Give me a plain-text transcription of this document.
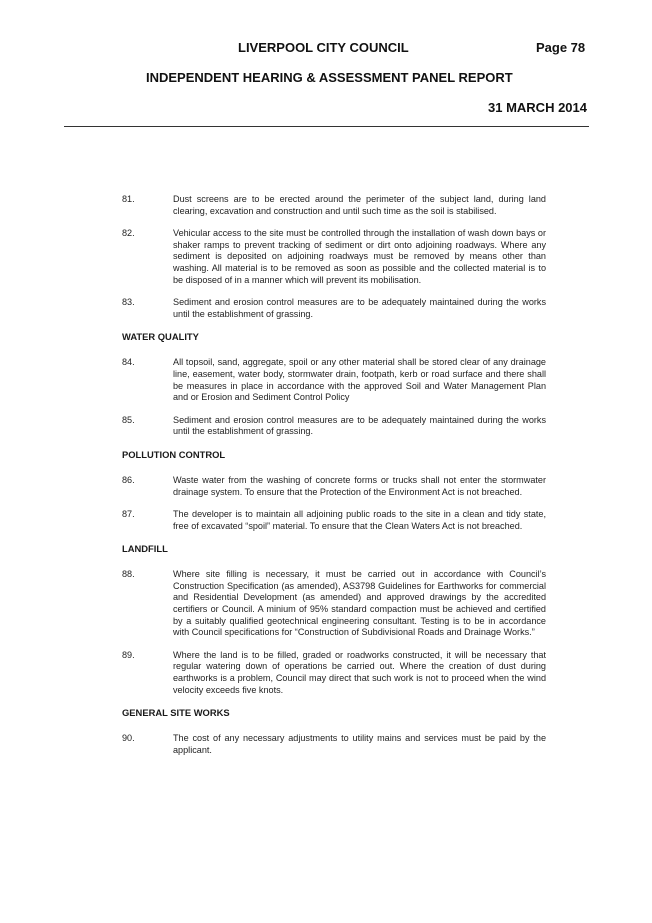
LIVERPOOL CITY COUNCIL	Page 78
INDEPENDENT HEARING & ASSESSMENT PANEL REPORT
31 MARCH 2014
81.	Dust screens are to be erected around the perimeter of the subject land, during land clearing, excavation and construction and until such time as the soil is stabilised.
82.	Vehicular access to the site must be controlled through the installation of wash down bays or shaker ramps to prevent tracking of sediment or dirt onto adjoining roadways. Where any sediment is deposited on adjoining roadways must be removed by means other than washing. All material is to be removed as soon as possible and the collected material is to be disposed of in a manner which will prevent its mobilisation.
83.	Sediment and erosion control measures are to be adequately maintained during the works until the establishment of grassing.
WATER QUALITY
84.	All topsoil, sand, aggregate, spoil or any other material shall be stored clear of any drainage line, easement, water body, stormwater drain, footpath, kerb or road surface and there shall be measures in place in accordance with the approved Soil and Water Management Plan and or Erosion and Sediment Control Policy
85.	Sediment and erosion control measures are to be adequately maintained during the works until the establishment of grassing.
POLLUTION CONTROL
86.	Waste water from the washing of concrete forms or trucks shall not enter the stormwater drainage system. To ensure that the Protection of the Environment Act is not breached.
87.	The developer is to maintain all adjoining public roads to the site in a clean and tidy state, free of excavated “spoil” material. To ensure that the Clean Waters Act is not breached.
LANDFILL
88.	Where site filling is necessary, it must be carried out in accordance with Council’s Construction Specification (as amended), AS3798 Guidelines for Earthworks for commercial and Residential Development (as amended) and approved drawings by the accredited certifiers or Council. A minium of 95% standard compaction must be achieved and certified by a suitably qualified geotechnical engineering consultant. Testing is to be in accordance with Council specifications for “Construction of Subdivisional Roads and Drainage Works.”
89.	Where the land is to be filled, graded or roadworks constructed, it will be necessary that regular watering down of operations be carried out. Where the creation of dust during earthworks is a problem, Council may direct that such work is not to proceed when the wind velocity exceeds five knots.
GENERAL SITE WORKS
90.	The cost of any necessary adjustments to utility mains and services must be paid by the applicant.
